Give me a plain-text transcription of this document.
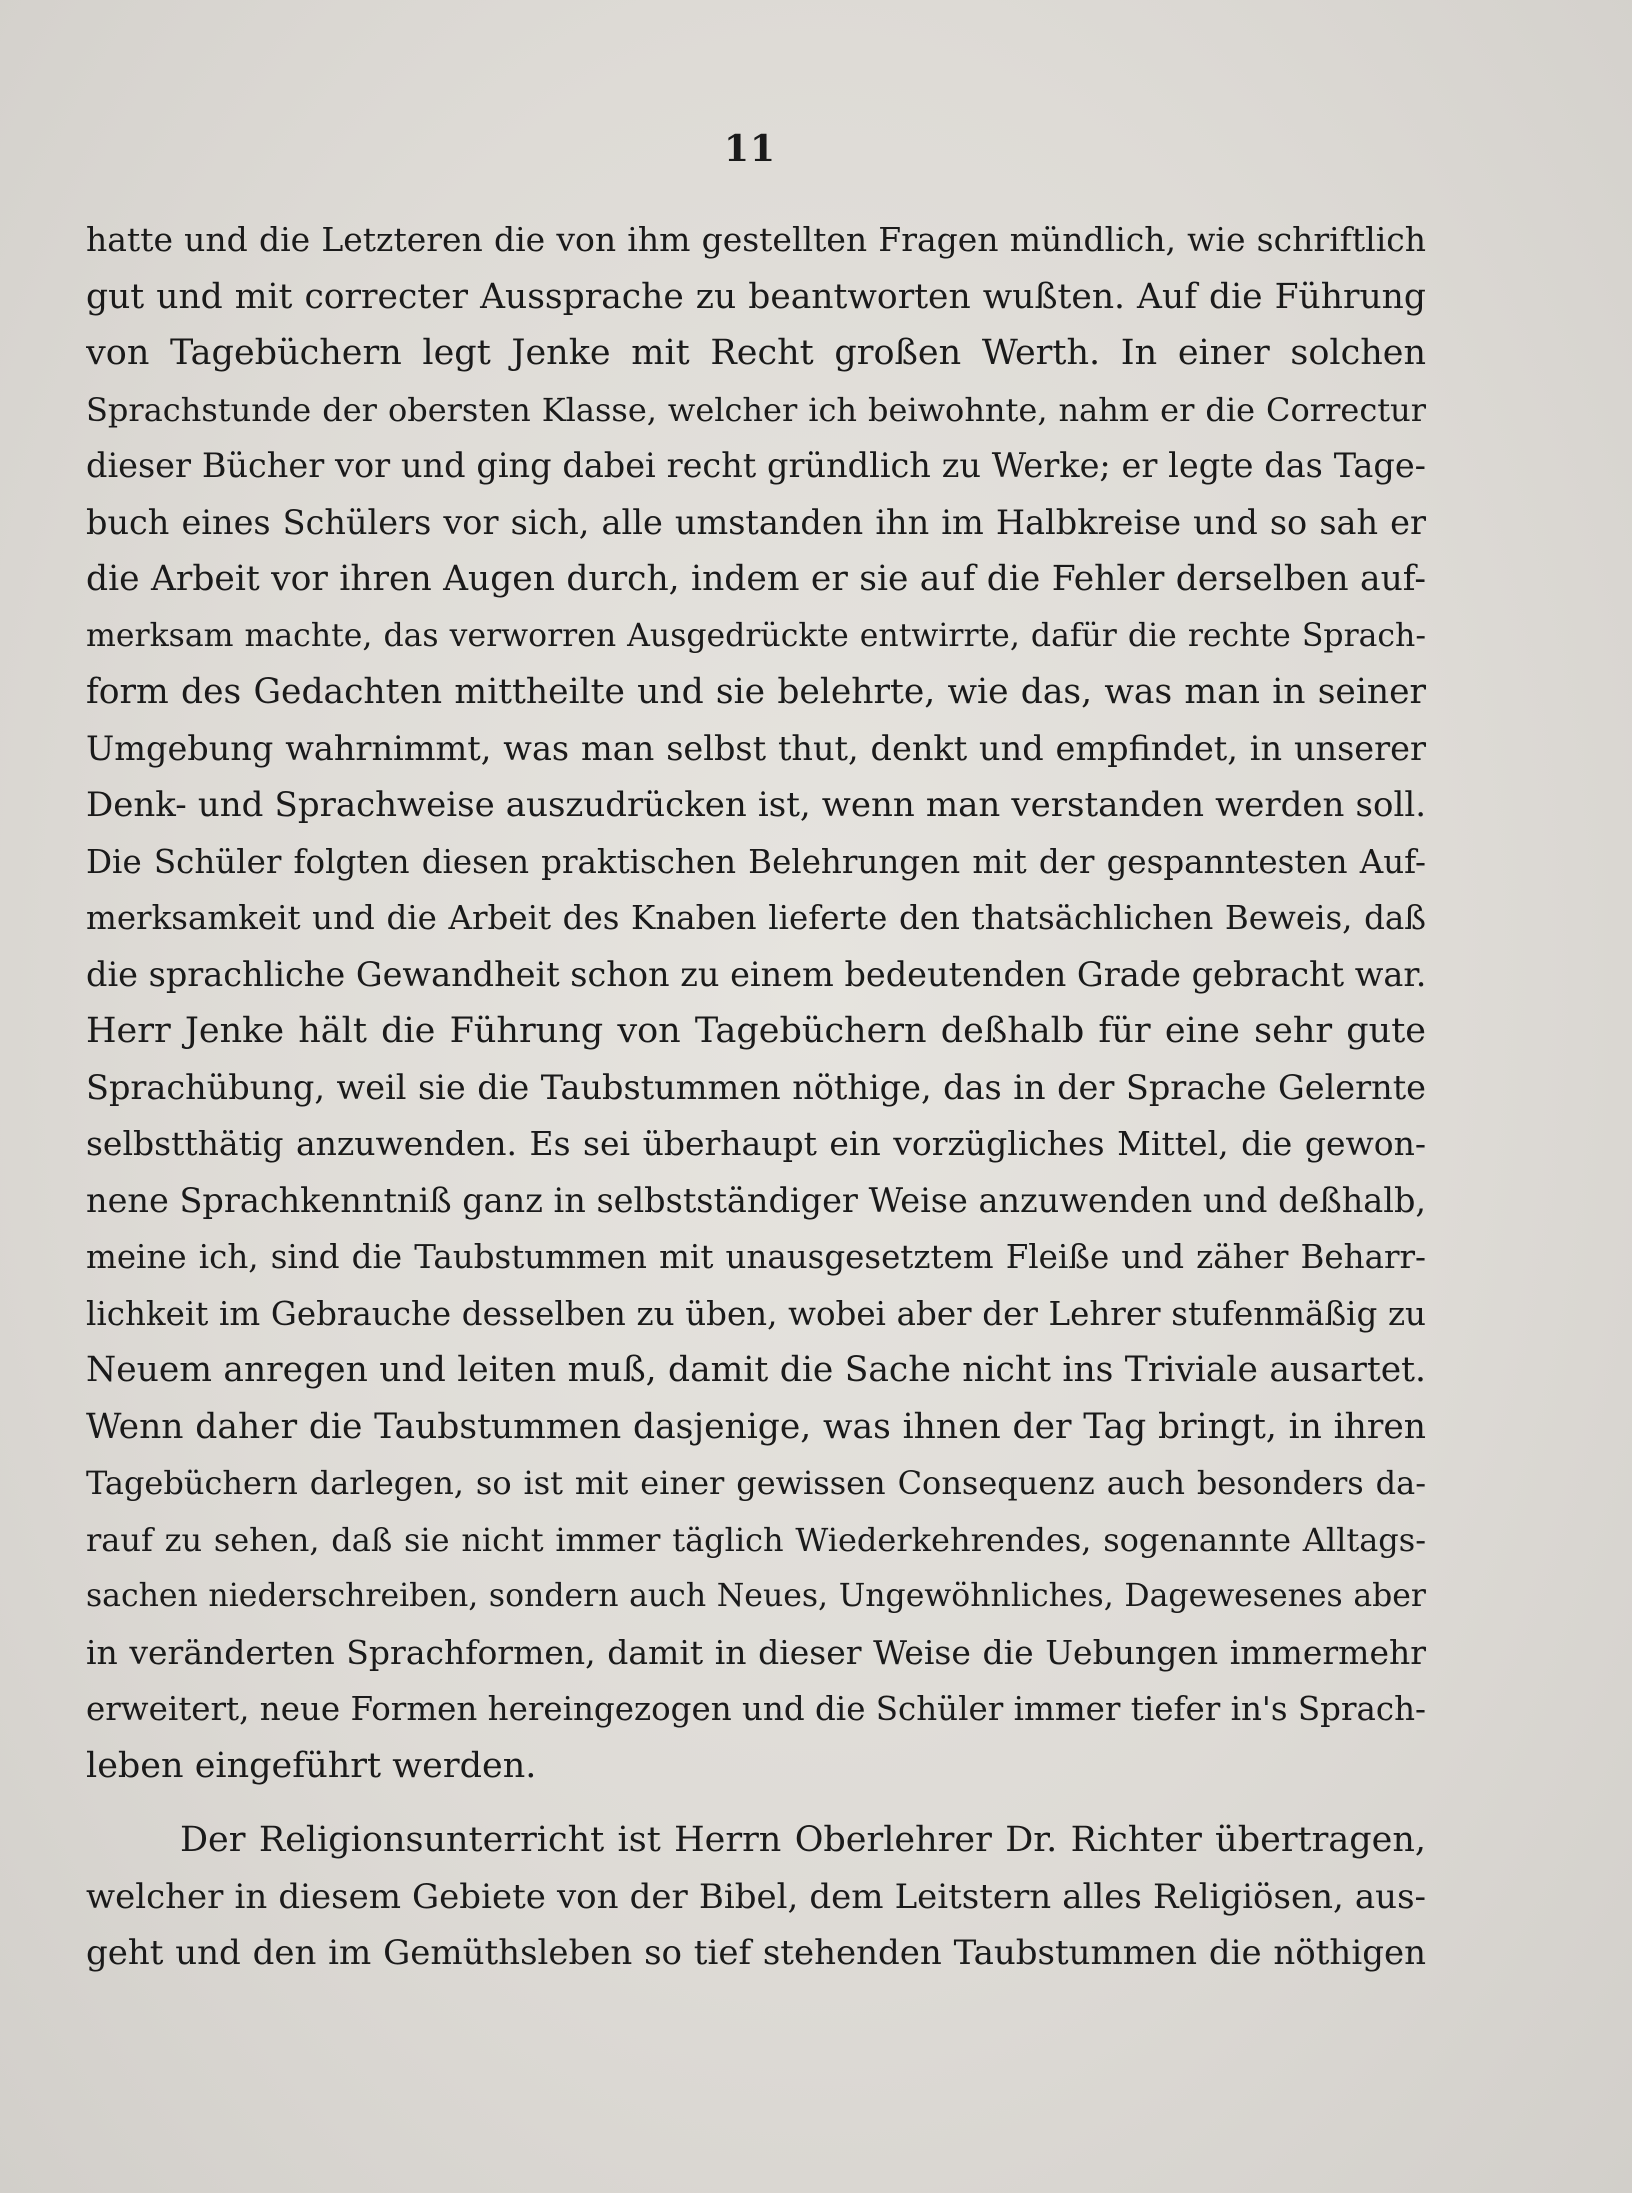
11
hatte und die Letzteren die von ihm gestellten Fragen mündlich, wie schriftlich
gut und mit correcter Aussprache zu beantworten wußten. Auf die Führung
von Tagebüchern legt Jenke mit Recht großen Werth. In einer solchen
Sprachstunde der obersten Klasse, welcher ich beiwohnte, nahm er die Correctur
dieser Bücher vor und ging dabei recht gründlich zu Werke; er legte das Tage-
buch eines Schülers vor sich, alle umstanden ihn im Halbkreise und so sah er
die Arbeit vor ihren Augen durch, indem er sie auf die Fehler derselben auf-
merksam machte, das verworren Ausgedrückte entwirrte, dafür die rechte Sprach-
form des Gedachten mittheilte und sie belehrte, wie das, was man in seiner
Umgebung wahrnimmt, was man selbst thut, denkt und empfindet, in unserer
Denk- und Sprachweise auszudrücken ist, wenn man verstanden werden soll.
Die Schüler folgten diesen praktischen Belehrungen mit der gespanntesten Auf-
merksamkeit und die Arbeit des Knaben lieferte den thatsächlichen Beweis, daß
die sprachliche Gewandheit schon zu einem bedeutenden Grade gebracht war.
Herr Jenke hält die Führung von Tagebüchern deßhalb für eine sehr gute
Sprachübung, weil sie die Taubstummen nöthige, das in der Sprache Gelernte
selbstthätig anzuwenden. Es sei überhaupt ein vorzügliches Mittel, die gewon-
nene Sprachkenntniß ganz in selbstständiger Weise anzuwenden und deßhalb,
meine ich, sind die Taubstummen mit unausgesetztem Fleiße und zäher Beharr-
lichkeit im Gebrauche desselben zu üben, wobei aber der Lehrer stufenmäßig zu
Neuem anregen und leiten muß, damit die Sache nicht ins Triviale ausartet.
Wenn daher die Taubstummen dasjenige, was ihnen der Tag bringt, in ihren
Tagebüchern darlegen, so ist mit einer gewissen Consequenz auch besonders da-
rauf zu sehen, daß sie nicht immer täglich Wiederkehrendes, sogenannte Alltags-
sachen niederschreiben, sondern auch Neues, Ungewöhnliches, Dagewesenes aber
in veränderten Sprachformen, damit in dieser Weise die Uebungen immermehr
erweitert, neue Formen hereingezogen und die Schüler immer tiefer in's Sprach-
leben eingeführt werden.
Der Religionsunterricht ist Herrn Oberlehrer Dr. Richter übertragen,
welcher in diesem Gebiete von der Bibel, dem Leitstern alles Religiösen, aus-
geht und den im Gemüthsleben so tief stehenden Taubstummen die nöthigen
